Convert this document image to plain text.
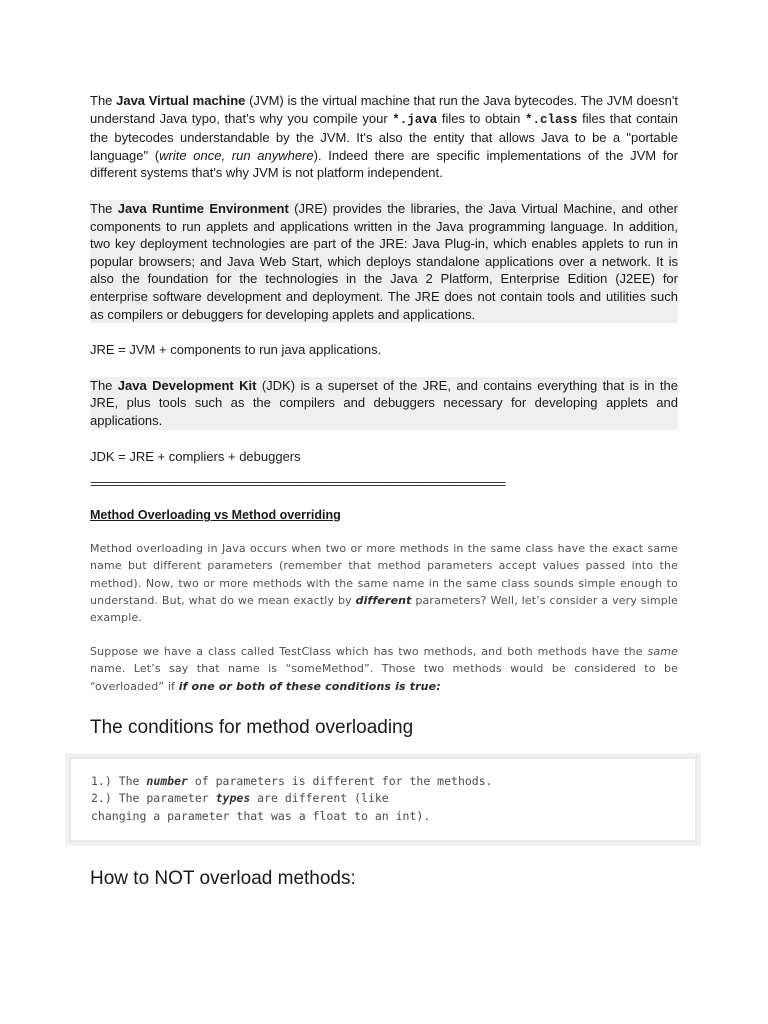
The Java Virtual machine (JVM) is the virtual machine that run the Java bytecodes. The JVM doesn't understand Java typo, that's why you compile your *.java files to obtain *.class files that contain the bytecodes understandable by the JVM. It's also the entity that allows Java to be a "portable language" (write once, run anywhere). Indeed there are specific implementations of the JVM for different systems that's why JVM is not platform independent.

The Java Runtime Environment (JRE) provides the libraries, the Java Virtual Machine, and other components to run applets and applications written in the Java programming language. In addition, two key deployment technologies are part of the JRE: Java Plug-in, which enables applets to run in popular browsers; and Java Web Start, which deploys standalone applications over a network. It is also the foundation for the technologies in the Java 2 Platform, Enterprise Edition (J2EE) for enterprise software development and deployment. The JRE does not contain tools and utilities such as compilers or debuggers for developing applets and applications.

JRE = JVM + components to run java applications.

The Java Development Kit (JDK) is a superset of the JRE, and contains everything that is in the JRE, plus tools such as the compilers and debuggers necessary for developing applets and applications.

JDK = JRE + compliers + debuggers

==========================================================================================
Method Overloading vs Method overriding

Method overloading in Java occurs when two or more methods in the same class have the exact same name but different parameters (remember that method parameters accept values passed into the method). Now, two or more methods with the same name in the same class sounds simple enough to understand. But, what do we mean exactly by different parameters? Well, let’s consider a very simple example.

Suppose we have a class called TestClass which has two methods, and both methods have the same name. Let’s say that name is “someMethod”. Those two methods would be considered to be “overloaded” if if one or both of these conditions is true:

The conditions for method overloading
1.) The number of parameters is different for the methods.
2.) The parameter types are different (like
changing a parameter that was a float to an int).
How to NOT overload methods:
